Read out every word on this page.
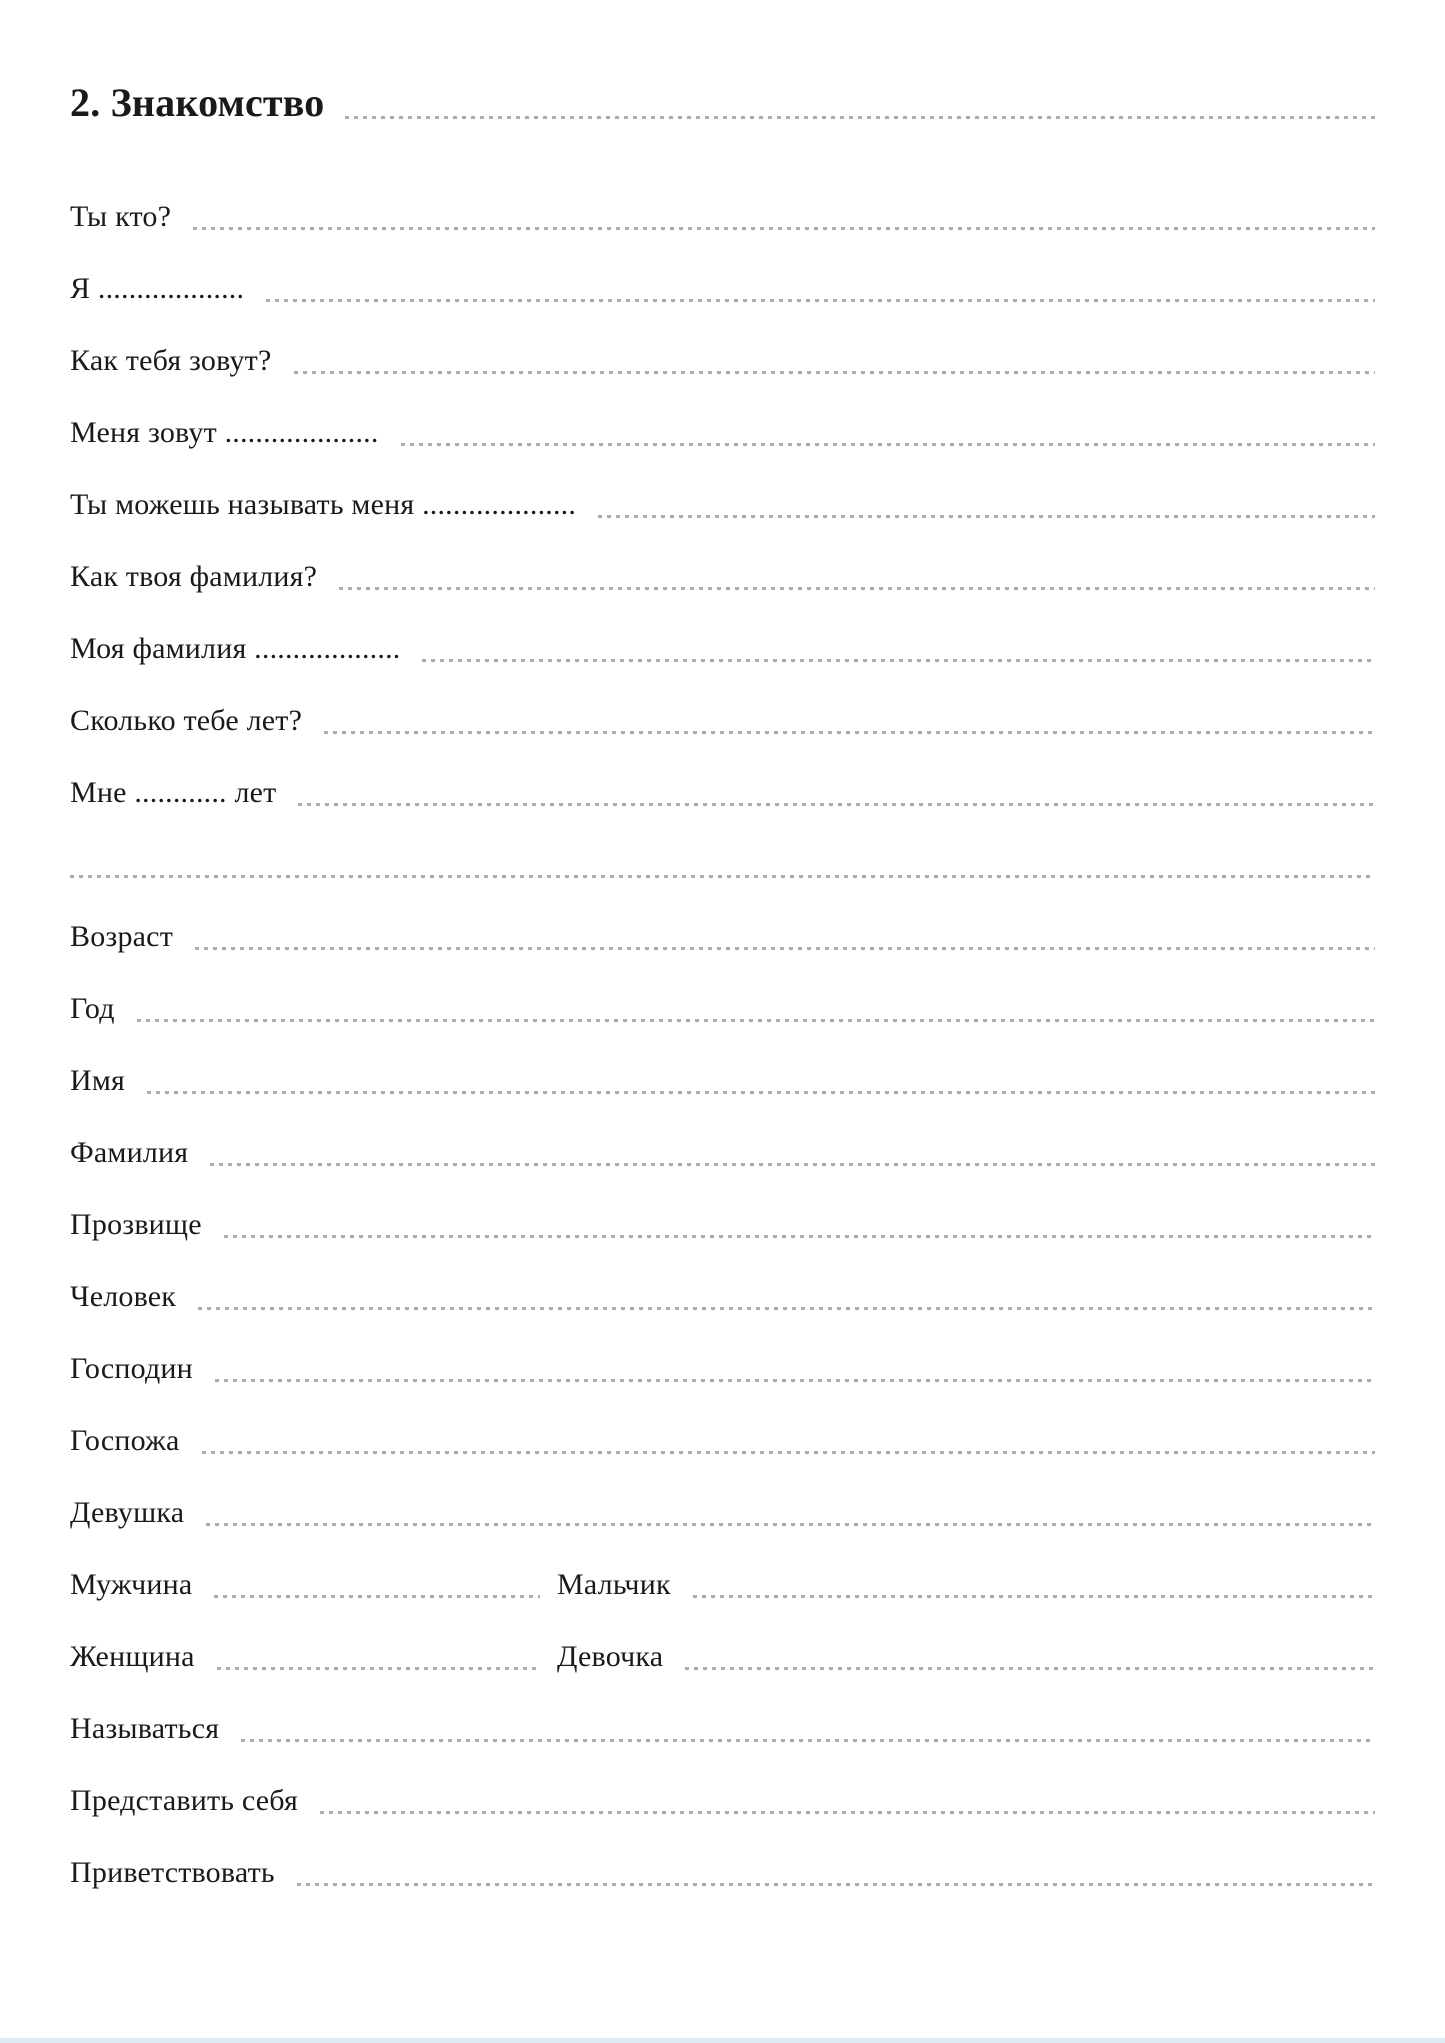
2. Знакомство
Ты кто?
Я ...................
Как тебя зовут?
Меня зовут ....................
Ты можешь называть меня ....................
Как твоя фамилия?
Моя фамилия ...................
Сколько тебе лет?
Мне ............ лет
Возраст
Год
Имя
Фамилия
Прозвище
Человек
Господин
Госпожа
Девушка
Мужчина	Мальчик
Женщина	Девочка
Называться
Представить себя
Приветствовать
